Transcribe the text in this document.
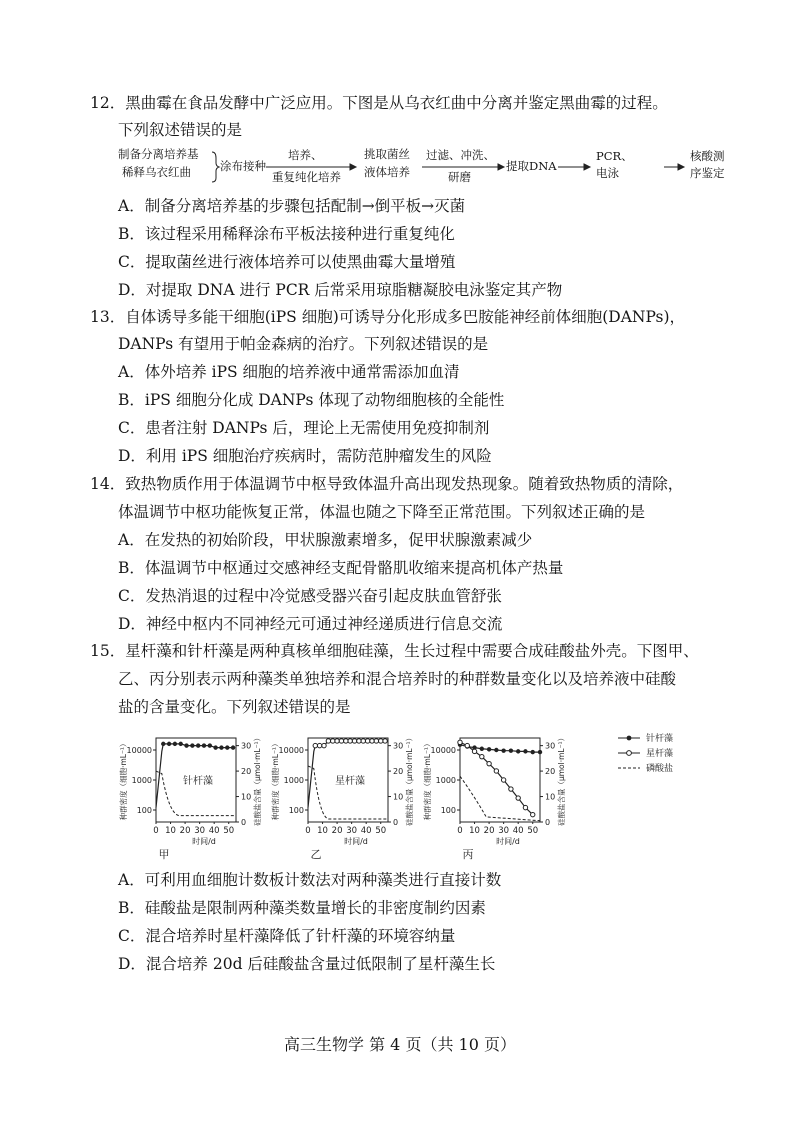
12．黑曲霉在食品发酵中广泛应用。下图是从乌衣红曲中分离并鉴定黑曲霉的过程。
下列叙述错误的是
制备分离培养基
稀释乌衣红曲	涂布接种
培养、
重复纯化培养
挑取菌丝
液体培养
过滤、冲洗、
研磨
提取DNA
PCR、
电泳
核酸测
序鉴定
A．制备分离培养基的步骤包括配制→倒平板→灭菌
B．该过程采用稀释涂布平板法接种进行重复纯化
C．提取菌丝进行液体培养可以使黑曲霉大量增殖
D．对提取 DNA 进行 PCR 后常采用琼脂糖凝胶电泳鉴定其产物
13．自体诱导多能干细胞(iPS 细胞)可诱导分化形成多巴胺能神经前体细胞(DANPs)，
DANPs 有望用于帕金森病的治疗。下列叙述错误的是
A．体外培养 iPS 细胞的培养液中通常需添加血清
B．iPS 细胞分化成 DANPs 体现了动物细胞核的全能性
C．患者注射 DANPs 后，理论上无需使用免疫抑制剂
D．利用 iPS 细胞治疗疾病时，需防范肿瘤发生的风险
14．致热物质作用于体温调节中枢导致体温升高出现发热现象。随着致热物质的清除，
体温调节中枢功能恢复正常，体温也随之下降至正常范围。下列叙述正确的是
A．在发热的初始阶段，甲状腺激素增多，促甲状腺激素减少
B．体温调节中枢通过交感神经支配骨骼肌收缩来提高机体产热量
C．发热消退的过程中冷觉感受器兴奋引起皮肤血管舒张
D．神经中枢内不同神经元可通过神经递质进行信息交流
15．星杆藻和针杆藻是两种真核单细胞硅藻，生长过程中需要合成硅酸盐外壳。下图甲、
乙、丙分别表示两种藻类单独培养和混合培养时的种群数量变化以及培养液中硅酸
盐的含量变化。下列叙述错误的是
种群密度（细胞·mL⁻¹）
10000
1000
100
30
20
10
0 硅酸盐含量（μmol·mL⁻¹）
0 10 20 30 40 50
时间/d
甲
针杆藻	种群密度（细胞·mL⁻¹）
10000
1000
100
30
20
10
0 硅酸盐含量（μmol·mL⁻¹）
0 10 20 30 40 50
时间/d
乙
星杆藻	种群密度（细胞·mL⁻¹）
10000
1000
100
30
20
10
0 硅酸盐含量（μmol·mL⁻¹）
0 10 20 30 40 50
时间/d
丙
针杆藻
星杆藻
磷酸盐
A．可利用血细胞计数板计数法对两种藻类进行直接计数
B．硅酸盐是限制两种藻类数量增长的非密度制约因素
C．混合培养时星杆藻降低了针杆藻的环境容纳量
D．混合培养 20d 后硅酸盐含量过低限制了星杆藻生长
高三生物学 第 4 页（共 10 页）
